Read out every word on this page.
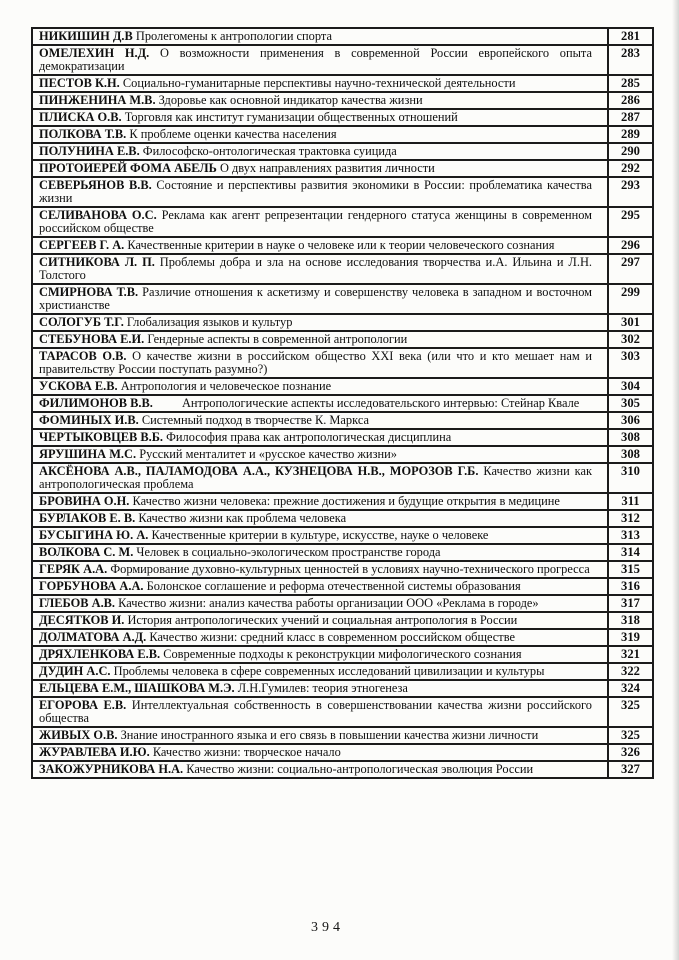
НИКИШИН Д.В Пролегомены к антропологии спорта	281
ОМЕЛЕХИН Н.Д. О возможности применения в современной России европейского опыта демократизации	283
ПЕСТОВ К.Н. Социально-гуманитарные перспективы научно-технической деятельности	285
ПИНЖЕНИНА М.В. Здоровье как основной индикатор качества жизни	286
ПЛИСКА О.В. Торговля как институт гуманизации общественных отношений	287
ПОЛКОВА Т.В. К проблеме оценки качества населения	289
ПОЛУНИНА Е.В. Философско-онтологическая трактовка суицида	290
ПРОТОИЕРЕЙ ФОМА АБЕЛЬ О двух направлениях развития личности	292
СЕВЕРЬЯНОВ В.В. Состояние и перспективы развития экономики в России: проблематика качества жизни	293
СЕЛИВАНОВА О.С. Реклама как агент репрезентации гендерного статуса женщины в современном российском обществе	295
СЕРГЕЕВ Г. А. Качественные критерии в науке о человеке или к теории человеческого сознания	296
СИТНИКОВА Л. П. Проблемы добра и зла на основе исследования творчества и.А. Ильина и Л.Н. Толстого	297
СМИРНОВА Т.В. Различие отношения к аскетизму и совершенству человека в западном и восточном христианстве	299
СОЛОГУБ Т.Г. Глобализация языков и культур	301
СТЕБУНОВА Е.И. Гендерные аспекты в современной антропологии	302
ТАРАСОВ О.В. О качестве жизни в российском общество XXI века (или что и кто мешает нам и правительству России поступать разумно?)	303
УСКОВА Е.В. Антропология и человеческое познание	304
ФИЛИМОНОВ В.В. Антропологические аспекты исследовательского интервью: Стейнар Квале	305
ФОМИНЫХ И.В. Системный подход в творчестве К. Маркса	306
ЧЕРТЫКОВЦЕВ В.Б. Философия права как антропологическая дисциплина	308
ЯРУШИНА М.С. Русский менталитет и «русское качество жизни»	308
АКСЁНОВА А.В., ПАЛАМОДОВА А.А., КУЗНЕЦОВА Н.В., МОРОЗОВ Г.Б. Качество жизни как антропологическая проблема	310
БРОВИНА О.Н. Качество жизни человека: прежние достижения и будущие открытия в медицине	311
БУРЛАКОВ Е. В. Качество жизни как проблема человека	312
БУСЫГИНА Ю. А. Качественные критерии в культуре, искусстве, науке о человеке	313
ВОЛКОВА С. М. Человек в социально-экологическом пространстве города	314
ГЕРЯК А.А. Формирование духовно-культурных ценностей в условиях научно-технического прогресса	315
ГОРБУНОВА А.А. Болонское соглашение и реформа отечественной системы образования	316
ГЛЕБОВ А.В. Качество жизни: анализ качества работы организации ООО «Реклама в городе»	317
ДЕСЯТКОВ И. История антропологических учений и социальная антропология в России	318
ДОЛМАТОВА А.Д. Качество жизни: средний класс в современном российском обществе	319
ДРЯХЛЕНКОВА Е.В. Современные подходы к реконструкции мифологического сознания	321
ДУДИН А.С. Проблемы человека в сфере современных исследований цивилизации и культуры	322
ЕЛЬЦЕВА Е.М., ШАШКОВА М.Э. Л.Н.Гумилев: теория этногенеза	324
ЕГОРОВА Е.В. Интеллектуальная собственность в совершенствовании качества жизни российского общества	325
ЖИВЫХ О.В. Знание иностранного языка и его связь в повышении качества жизни личности	325
ЖУРАВЛЕВА И.Ю. Качество жизни: творческое начало	326
ЗАКОЖУРНИКОВА Н.А. Качество жизни: социально-антропологическая эволюция России	327
394
